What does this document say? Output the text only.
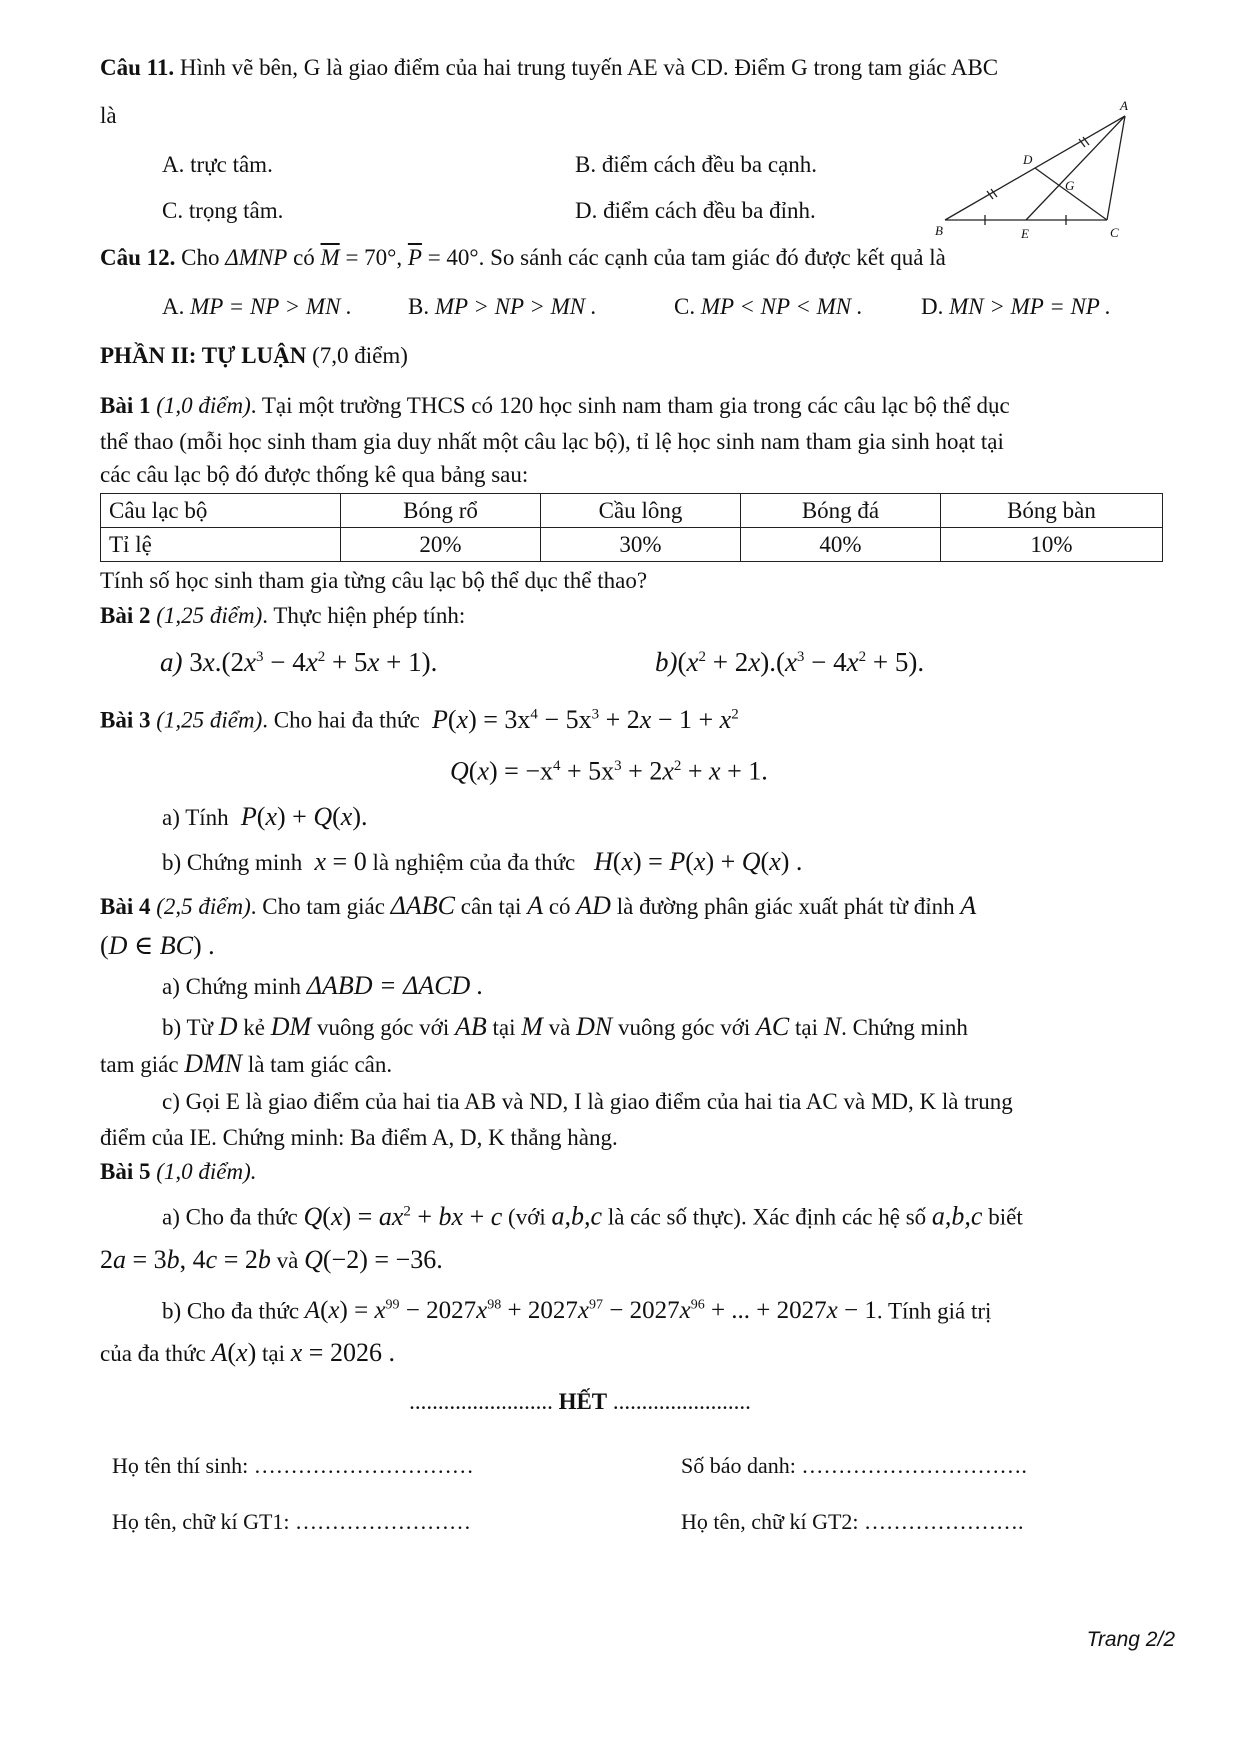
Câu 11. Hình vẽ bên, G là giao điểm của hai trung tuyến AE và CD. Điểm G trong tam giác ABC

là

A. trực tâm.	B. điểm cách đều ba cạnh.
C. trọng tâm.	D. điểm cách đều ba đỉnh.

Câu 12. Cho ΔMNP có $\overline{M} = 70^\circ$, $\overline{P} = 40^\circ$. So sánh các cạnh của tam giác đó được kết quả là

A. MP = NP > MN .	B. MP > NP > MN .	C. MP < NP < MN .	D. MN > MP = NP .

PHẦN II: TỰ LUẬN (7,0 điểm)

Bài 1 (1,0 điểm). Tại một trường THCS có 120 học sinh nam tham gia trong các câu lạc bộ thể dục

thể thao (mỗi học sinh tham gia duy nhất một câu lạc bộ), tỉ lệ học sinh nam tham gia sinh hoạt tại

các câu lạc bộ đó được thống kê qua bảng sau:

Câu lạc bộ	Bóng rổ	Cầu lông	Bóng đá	Bóng bàn
Tỉ lệ	20%	30%	40%	10%

Tính số học sinh tham gia từng câu lạc bộ thể dục thể thao?

Bài 2 (1,25 điểm). Thực hiện phép tính:

a) $3x.(2x^3 - 4x^2 + 5x + 1)$.	$b)(x^2 + 2x).(x^3 - 4x^2 + 5)$.

Bài 3 (1,25 điểm). Cho hai đa thức $P(x) = 3x^4 - 5x^3 + 2x - 1 + x^2$

$Q(x) = -x^4 + 5x^3 + 2x^2 + x + 1$.

a) Tính P(x) + Q(x).

b) Chứng minh x = 0 là nghiệm của đa thức H(x) = P(x) + Q(x) .

Bài 4 (2,5 điểm). Cho tam giác ΔABC cân tại A có AD là đường phân giác xuất phát từ đỉnh A

(D ∈ BC) .

a) Chứng minh ΔABD = ΔACD .

b) Từ D kẻ DM vuông góc với AB tại M và DN vuông góc với AC tại N. Chứng minh

tam giác DMN là tam giác cân.

c) Gọi E là giao điểm của hai tia AB và ND, I là giao điểm của hai tia AC và MD, K là trung

điểm của IE. Chứng minh: Ba điểm A, D, K thẳng hàng.

Bài 5 (1,0 điểm).

a) Cho đa thức $Q(x) = ax^2$ + bx + c (với a,b,c là các số thực). Xác định các hệ số a,b,c biết

2a = 3b, 4c = 2b và Q(−2) = −36.

b) Cho đa thức $A(x) = x^{99} - 2027x^{98} + 2027x^{97} - 2027x^{96}$ + ... + 2027x − 1. Tính giá trị

của đa thức A(x) tại x = 2026 .

......................... HẾT ........................

Họ tên thí sinh: …………………………	Số báo danh: ………………………….
Họ tên, chữ kí GT1: ……………………	Họ tên, chữ kí GT2: ………………….
A
B	C
D
E
G
Trang 2/2
